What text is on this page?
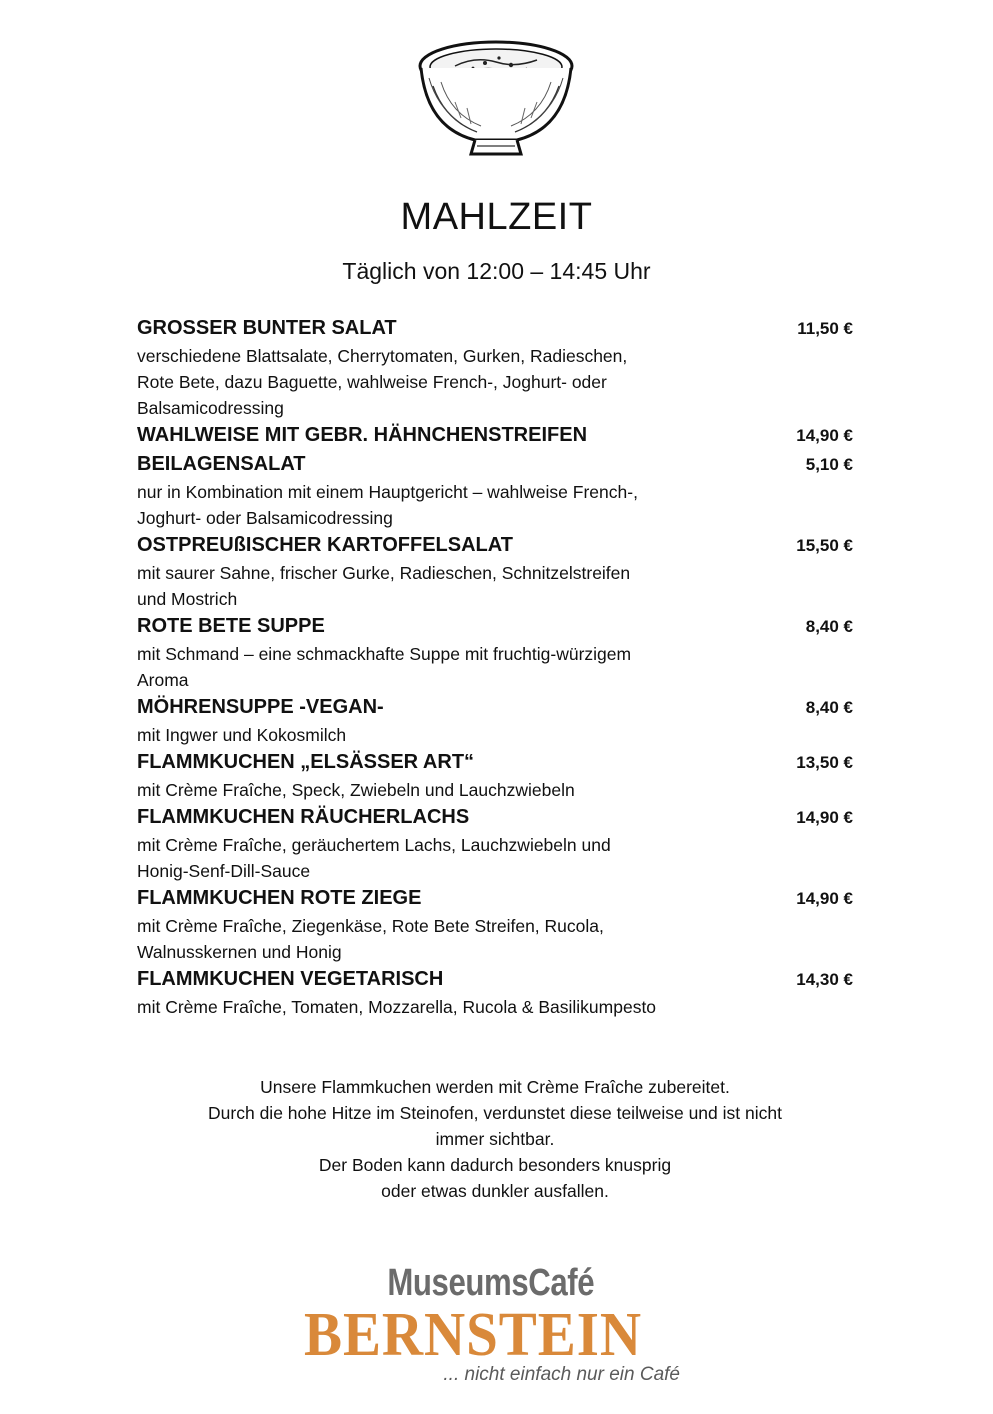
MAHLZEIT
Täglich von 12:00 – 14:45 Uhr
GROSSER BUNTER SALAT	11,50 €
verschiedene Blattsalate, Cherrytomaten, Gurken, Radieschen,
Rote Bete, dazu Baguette, wahlweise French-, Joghurt- oder
Balsamicodressing
WAHLWEISE MIT GEBR. HÄHNCHENSTREIFEN	14,90 €
BEILAGENSALAT	5,10 €
nur in Kombination mit einem Hauptgericht – wahlweise French-,
Joghurt- oder Balsamicodressing
OSTPREUßISCHER KARTOFFELSALAT	15,50 €
mit saurer Sahne, frischer Gurke, Radieschen, Schnitzelstreifen
und Mostrich
ROTE BETE SUPPE	8,40 €
mit Schmand – eine schmackhafte Suppe mit fruchtig-würzigem
Aroma
MÖHRENSUPPE -VEGAN-	8,40 €
mit Ingwer und Kokosmilch
FLAMMKUCHEN „ELSÄSSER ART“	13,50 €
mit Crème Fraîche, Speck, Zwiebeln und Lauchzwiebeln
FLAMMKUCHEN RÄUCHERLACHS	14,90 €
mit Crème Fraîche, geräuchertem Lachs, Lauchzwiebeln und
Honig-Senf-Dill-Sauce
FLAMMKUCHEN ROTE ZIEGE	14,90 €
mit Crème Fraîche, Ziegenkäse, Rote Bete Streifen, Rucola,
Walnusskernen und Honig
FLAMMKUCHEN VEGETARISCH	14,30 €
mit Crème Fraîche, Tomaten, Mozzarella, Rucola & Basilikumpesto
Unsere Flammkuchen werden mit Crème Fraîche zubereitet.
Durch die hohe Hitze im Steinofen, verdunstet diese teilweise und ist nicht
immer sichtbar.
Der Boden kann dadurch besonders knusprig
oder etwas dunkler ausfallen.
MuseumsCafé
BERNSTEIN
... nicht einfach nur ein Café
